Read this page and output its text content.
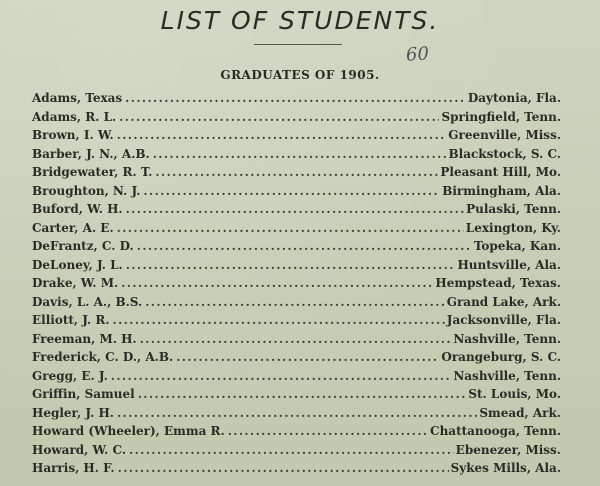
LIST OF STUDENTS.
60
GRADUATES OF 1905.
Adams, Texas .....	Daytonia, Fla.
Adams, R. L. .....	Springfield, Tenn.
Brown, I. W. .....	Greenville, Miss.
Barber, J. N., A.B. .....	Blackstock, S. C.
Bridgewater, R. T. .....	Pleasant Hill, Mo.
Broughton, N. J. .....	Birmingham, Ala.
Buford, W. H. .....	Pulaski, Tenn.
Carter, A. E. .....	Lexington, Ky.
DeFrantz, C. D. .....	Topeka, Kan.
DeLoney, J. L. .....	Huntsville, Ala.
Drake, W. M. .....	Hempstead, Texas.
Davis, L. A., B.S. .....	Grand Lake, Ark.
Elliott, J. R. .....	Jacksonville, Fla.
Freeman, M. H. .....	Nashville, Tenn.
Frederick, C. D., A.B. .....	Orangeburg, S. C.
Gregg, E. J. .....	Nashville, Tenn.
Griffin, Samuel .....	St. Louis, Mo.
Hegler, J. H. .....	Smead, Ark.
Howard (Wheeler), Emma R. .....	Chattanooga, Tenn.
Howard, W. C. .....	Ebenezer, Miss.
Harris, H. F. .....	Sykes Mills, Ala.
